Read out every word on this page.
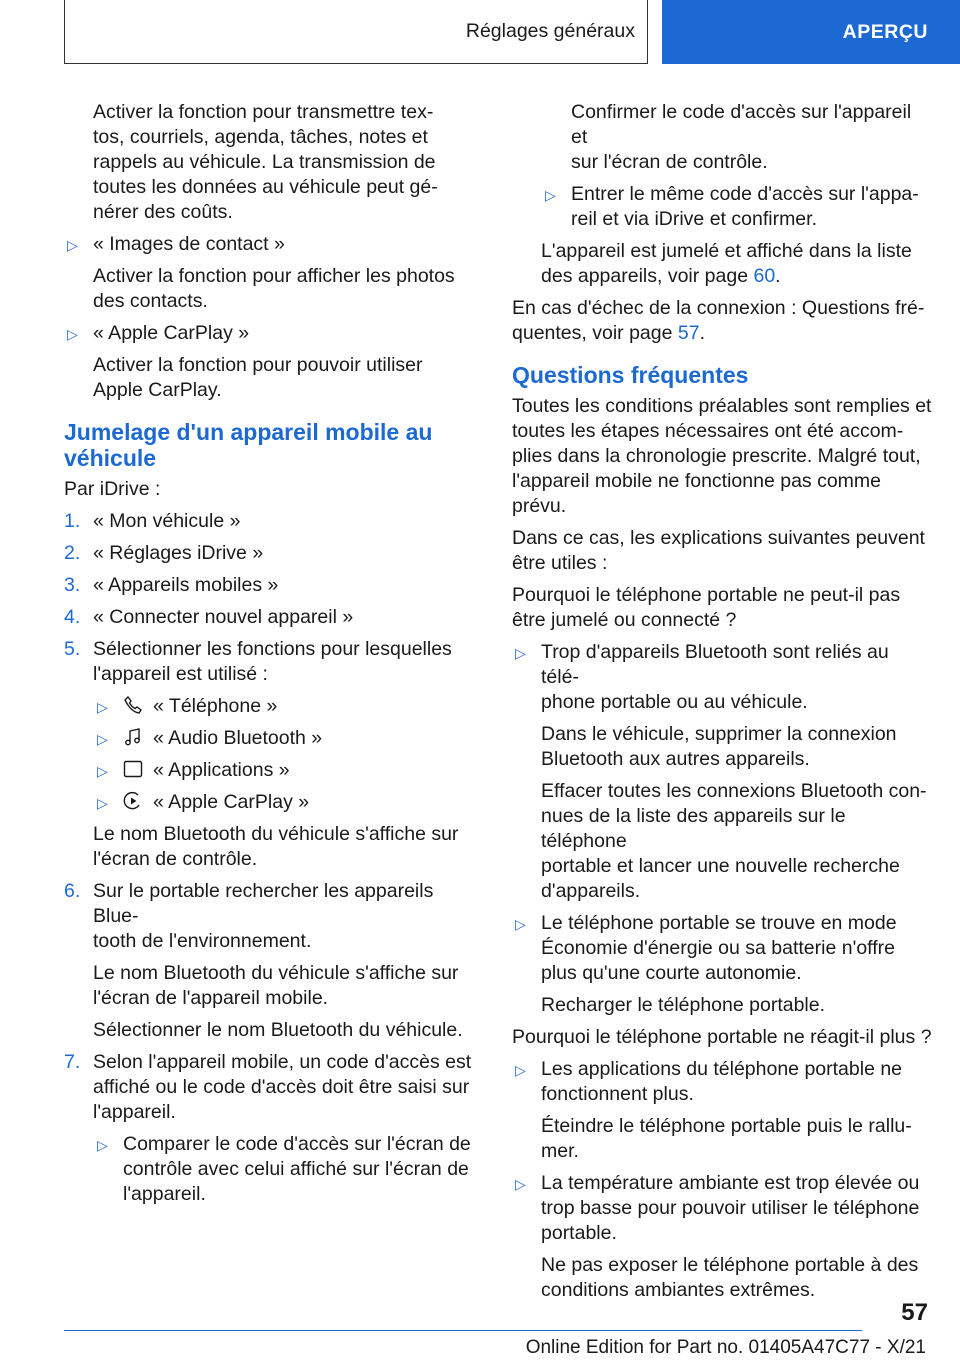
Réglages généraux	APERÇU

Activer la fonction pour transmettre tex-
tos, courriels, agenda, tâches, notes et
rappels au véhicule. La transmission de
toutes les données au véhicule peut gé-
nérer des coûts.

▷ « Images de contact »

Activer la fonction pour afficher les photos
des contacts.

▷ « Apple CarPlay »

Activer la fonction pour pouvoir utiliser
Apple CarPlay.

Jumelage d'un appareil mobile au
véhicule

Par iDrive :

1. « Mon véhicule »
2. « Réglages iDrive »
3. « Appareils mobiles »
4. « Connecter nouvel appareil »
5. Sélectionner les fonctions pour lesquelles
l'appareil est utilisé :
▷ « Téléphone »
▷ « Audio Bluetooth »
▷ « Applications »
▷ « Apple CarPlay »

Le nom Bluetooth du véhicule s'affiche sur
l'écran de contrôle.

6. Sur le portable rechercher les appareils Blue-
tooth de l'environnement.

Le nom Bluetooth du véhicule s'affiche sur
l'écran de l'appareil mobile.

Sélectionner le nom Bluetooth du véhicule.

7. Selon l'appareil mobile, un code d'accès est
affiché ou le code d'accès doit être saisi sur
l'appareil.
▷ Comparer le code d'accès sur l'écran de
contrôle avec celui affiché sur l'écran de
l'appareil.

Confirmer le code d'accès sur l'appareil et
sur l'écran de contrôle.

▷ Entrer le même code d'accès sur l'appa-
reil et via iDrive et confirmer.

L'appareil est jumelé et affiché dans la liste
des appareils, voir page 60.

En cas d'échec de la connexion : Questions fré-
quentes, voir page 57.

Questions fréquentes

Toutes les conditions préalables sont remplies et
toutes les étapes nécessaires ont été accom-
plies dans la chronologie prescrite. Malgré tout,
l'appareil mobile ne fonctionne pas comme
prévu.

Dans ce cas, les explications suivantes peuvent
être utiles :

Pourquoi le téléphone portable ne peut-il pas
être jumelé ou connecté ?

▷ Trop d'appareils Bluetooth sont reliés au télé-
phone portable ou au véhicule.

Dans le véhicule, supprimer la connexion
Bluetooth aux autres appareils.

Effacer toutes les connexions Bluetooth con-
nues de la liste des appareils sur le téléphone
portable et lancer une nouvelle recherche
d'appareils.

▷ Le téléphone portable se trouve en mode
Économie d'énergie ou sa batterie n'offre
plus qu'une courte autonomie.

Recharger le téléphone portable.

Pourquoi le téléphone portable ne réagit-il plus ?

▷ Les applications du téléphone portable ne
fonctionnent plus.

Éteindre le téléphone portable puis le rallu-
mer.

▷ La température ambiante est trop élevée ou
trop basse pour pouvoir utiliser le téléphone
portable.

Ne pas exposer le téléphone portable à des
conditions ambiantes extrêmes.

57
Online Edition for Part no. 01405A47C77 - X/21
